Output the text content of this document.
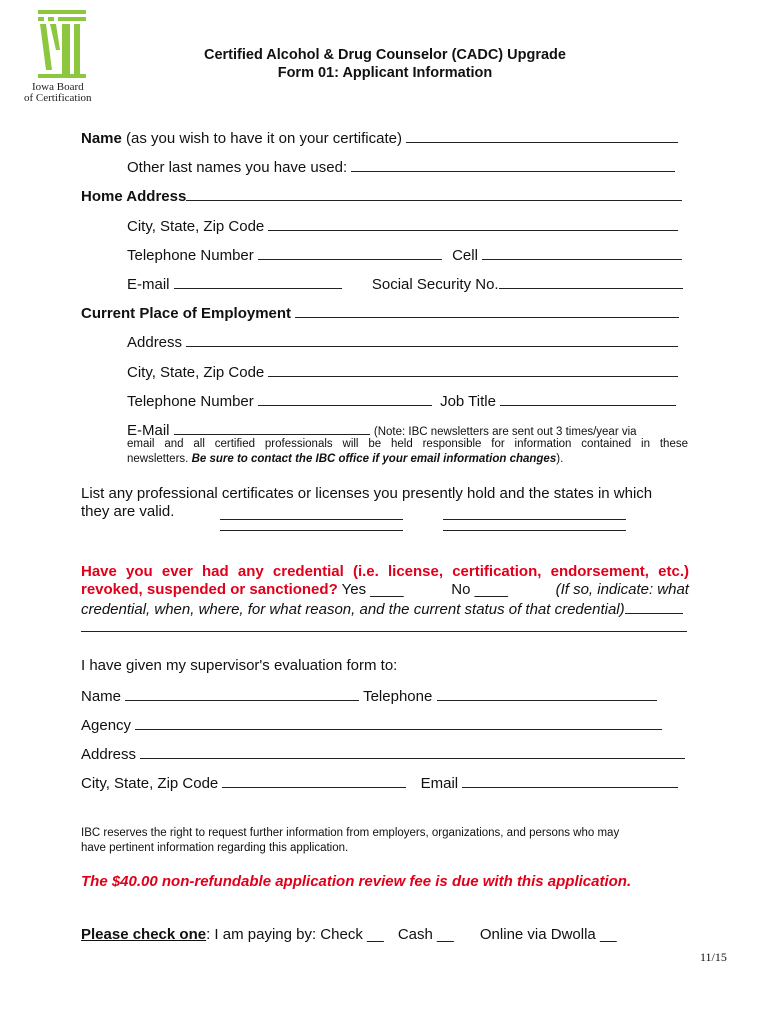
Iowa Board
of Certification
Certified Alcohol & Drug Counselor (CADC) Upgrade
Form 01: Applicant Information
Name (as you wish to have it on your certificate)
Other last names you have used:
Home Address
City, State, Zip Code
Telephone Number	Cell
E-mail	Social Security No.
Current Place of Employment
Address
City, State, Zip Code
Telephone Number	Job Title
E-Mail	(Note: IBC newsletters are sent out 3 times/year via
email and all certified professionals will be held responsible for information contained in these
newsletters. Be sure to contact the IBC office if your email information changes).
List any professional certificates or licenses you presently hold and the states in which
they are valid.
Have you ever had any credential (i.e. license, certification, endorsement, etc.)
revoked, suspended or sanctioned? Yes ____	No ____	(If so, indicate: what
credential, when, where, for what reason, and the current status of that credential)
I have given my supervisor's evaluation form to:
Name	Telephone
Agency
Address
City, State, Zip Code	Email
IBC reserves the right to request further information from employers, organizations, and persons who may
have pertinent information regarding this application.
The $40.00 non-refundable application review fee is due with this application.
Please check one: I am paying by: Check __ Cash __ Online via Dwolla __
11/15
